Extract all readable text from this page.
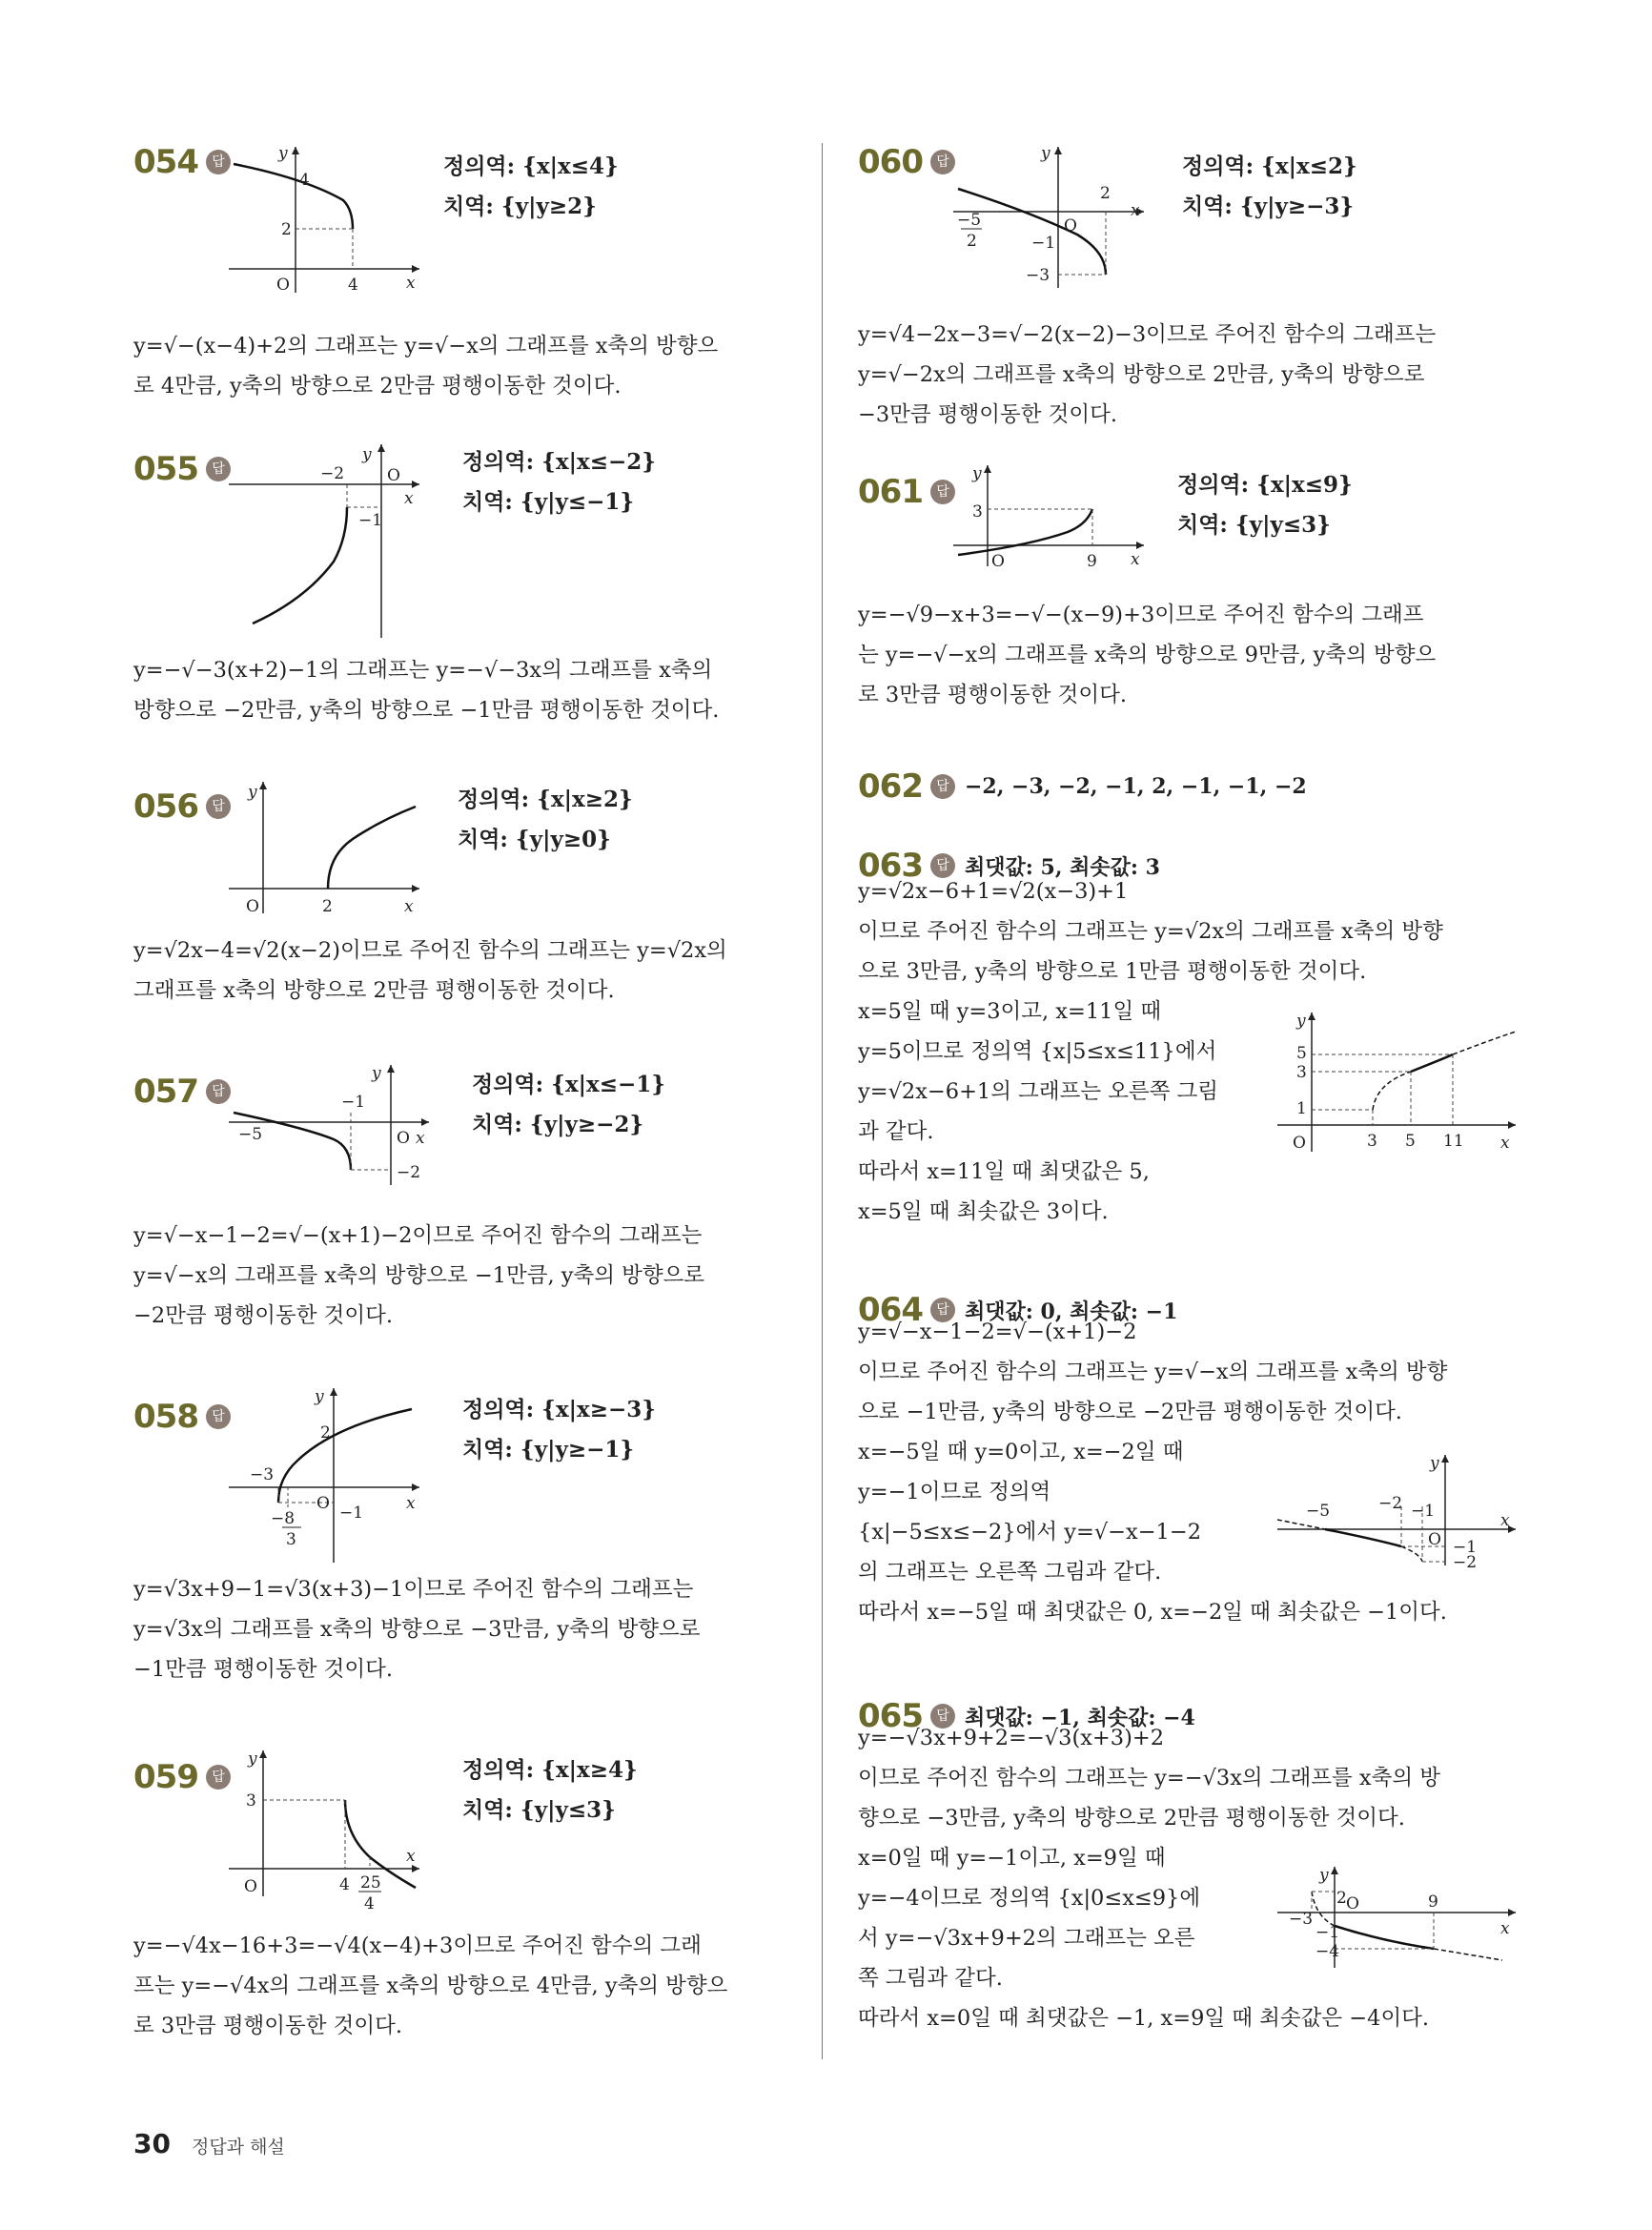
054	답	y
x
O
4
2
4
정의역: {x|x≤4}
치역: {y|y≥2}
y=√−(x−4)+2의 그래프는 y=√−x의 그래프를 x축의 방향으
로 4만큼, y축의 방향으로 2만큼 평행이동한 것이다.
055	답
y
x
O
−2
−1
정의역: {x|x≤−2}
치역: {y|y≤−1}
y=−√−3(x+2)−1의 그래프는 y=−√−3x의 그래프를 x축의
방향으로 −2만큼, y축의 방향으로 −1만큼 평행이동한 것이다.
056	답
y
x
O	2
정의역: {x|x≥2}
치역: {y|y≥0}
y=√2x−4=√2(x−2)이므로 주어진 함수의 그래프는 y=√2x의
그래프를 x축의 방향으로 2만큼 평행이동한 것이다.
057	답
y
x
O
−1
−5
−2
정의역: {x|x≤−1}
치역: {y|y≥−2}
y=√−x−1−2=√−(x+1)−2이므로 주어진 함수의 그래프는
y=√−x의 그래프를 x축의 방향으로 −1만큼, y축의 방향으로
−2만큼 평행이동한 것이다.
058	답
y
x
O
2
−3
−1
−8
3
정의역: {x|x≥−3}
치역: {y|y≥−1}
y=√3x+9−1=√3(x+3)−1이므로 주어진 함수의 그래프는
y=√3x의 그래프를 x축의 방향으로 −3만큼, y축의 방향으로
−1만큼 평행이동한 것이다.
059	답
y
x
O
3
4 25
4
정의역: {x|x≥4}
치역: {y|y≤3}
y=−√4x−16+3=−√4(x−4)+3이므로 주어진 함수의 그래
프는 y=−√4x의 그래프를 x축의 방향으로 4만큼, y축의 방향으
로 3만큼 평행이동한 것이다.
060	답	y
x
O
2
−5
2	−1
−3
정의역: {x|x≤2}
치역: {y|y≥−3}
y=√4−2x−3=√−2(x−2)−3이므로 주어진 함수의 그래프는
y=√−2x의 그래프를 x축의 방향으로 2만큼, y축의 방향으로
−3만큼 평행이동한 것이다.
061	답
y
x
O
3
9
정의역: {x|x≤9}
치역: {y|y≤3}
y=−√9−x+3=−√−(x−9)+3이므로 주어진 함수의 그래프
는 y=−√−x의 그래프를 x축의 방향으로 9만큼, y축의 방향으
로 3만큼 평행이동한 것이다.
062	답 −2, −3, −2, −1, 2, −1, −1, −2
063	답 최댓값: 5, 최솟값: 3
y=√2x−6+1=√2(x−3)+1
이므로 주어진 함수의 그래프는 y=√2x의 그래프를 x축의 방향
으로 3만큼, y축의 방향으로 1만큼 평행이동한 것이다.
x=5일 때 y=3이고, x=11일 때
y=5이므로 정의역 {x|5≤x≤11}에서
y=√2x−6+1의 그래프는 오른쪽 그림
과 같다.
따라서 x=11일 때 최댓값은 5,
x=5일 때 최솟값은 3이다.
y
x
O
5
3
1
3 5 11
064	답 최댓값: 0, 최솟값: −1
y=√−x−1−2=√−(x+1)−2
이므로 주어진 함수의 그래프는 y=√−x의 그래프를 x축의 방향
으로 −1만큼, y축의 방향으로 −2만큼 평행이동한 것이다.
x=−5일 때 y=0이고, x=−2일 때
y=−1이므로 정의역
{x|−5≤x≤−2}에서 y=√−x−1−2
의 그래프는 오른쪽 그림과 같다.
따라서 x=−5일 때 최댓값은 0, x=−2일 때 최솟값은 −1이다.
y
x
O
−5	−2 −1
−1
−2
065	답 최댓값: −1, 최솟값: −4
y=−√3x+9+2=−√3(x+3)+2
이므로 주어진 함수의 그래프는 y=−√3x의 그래프를 x축의 방
향으로 −3만큼, y축의 방향으로 2만큼 평행이동한 것이다.
x=0일 때 y=−1이고, x=9일 때
y=−4이므로 정의역 {x|0≤x≤9}에
서 y=−√3x+9+2의 그래프는 오른
쪽 그림과 같다.
따라서 x=0일 때 최댓값은 −1, x=9일 때 최솟값은 −4이다.
y
x
O
2	9
−3
−1
−4
30 정답과 해설
